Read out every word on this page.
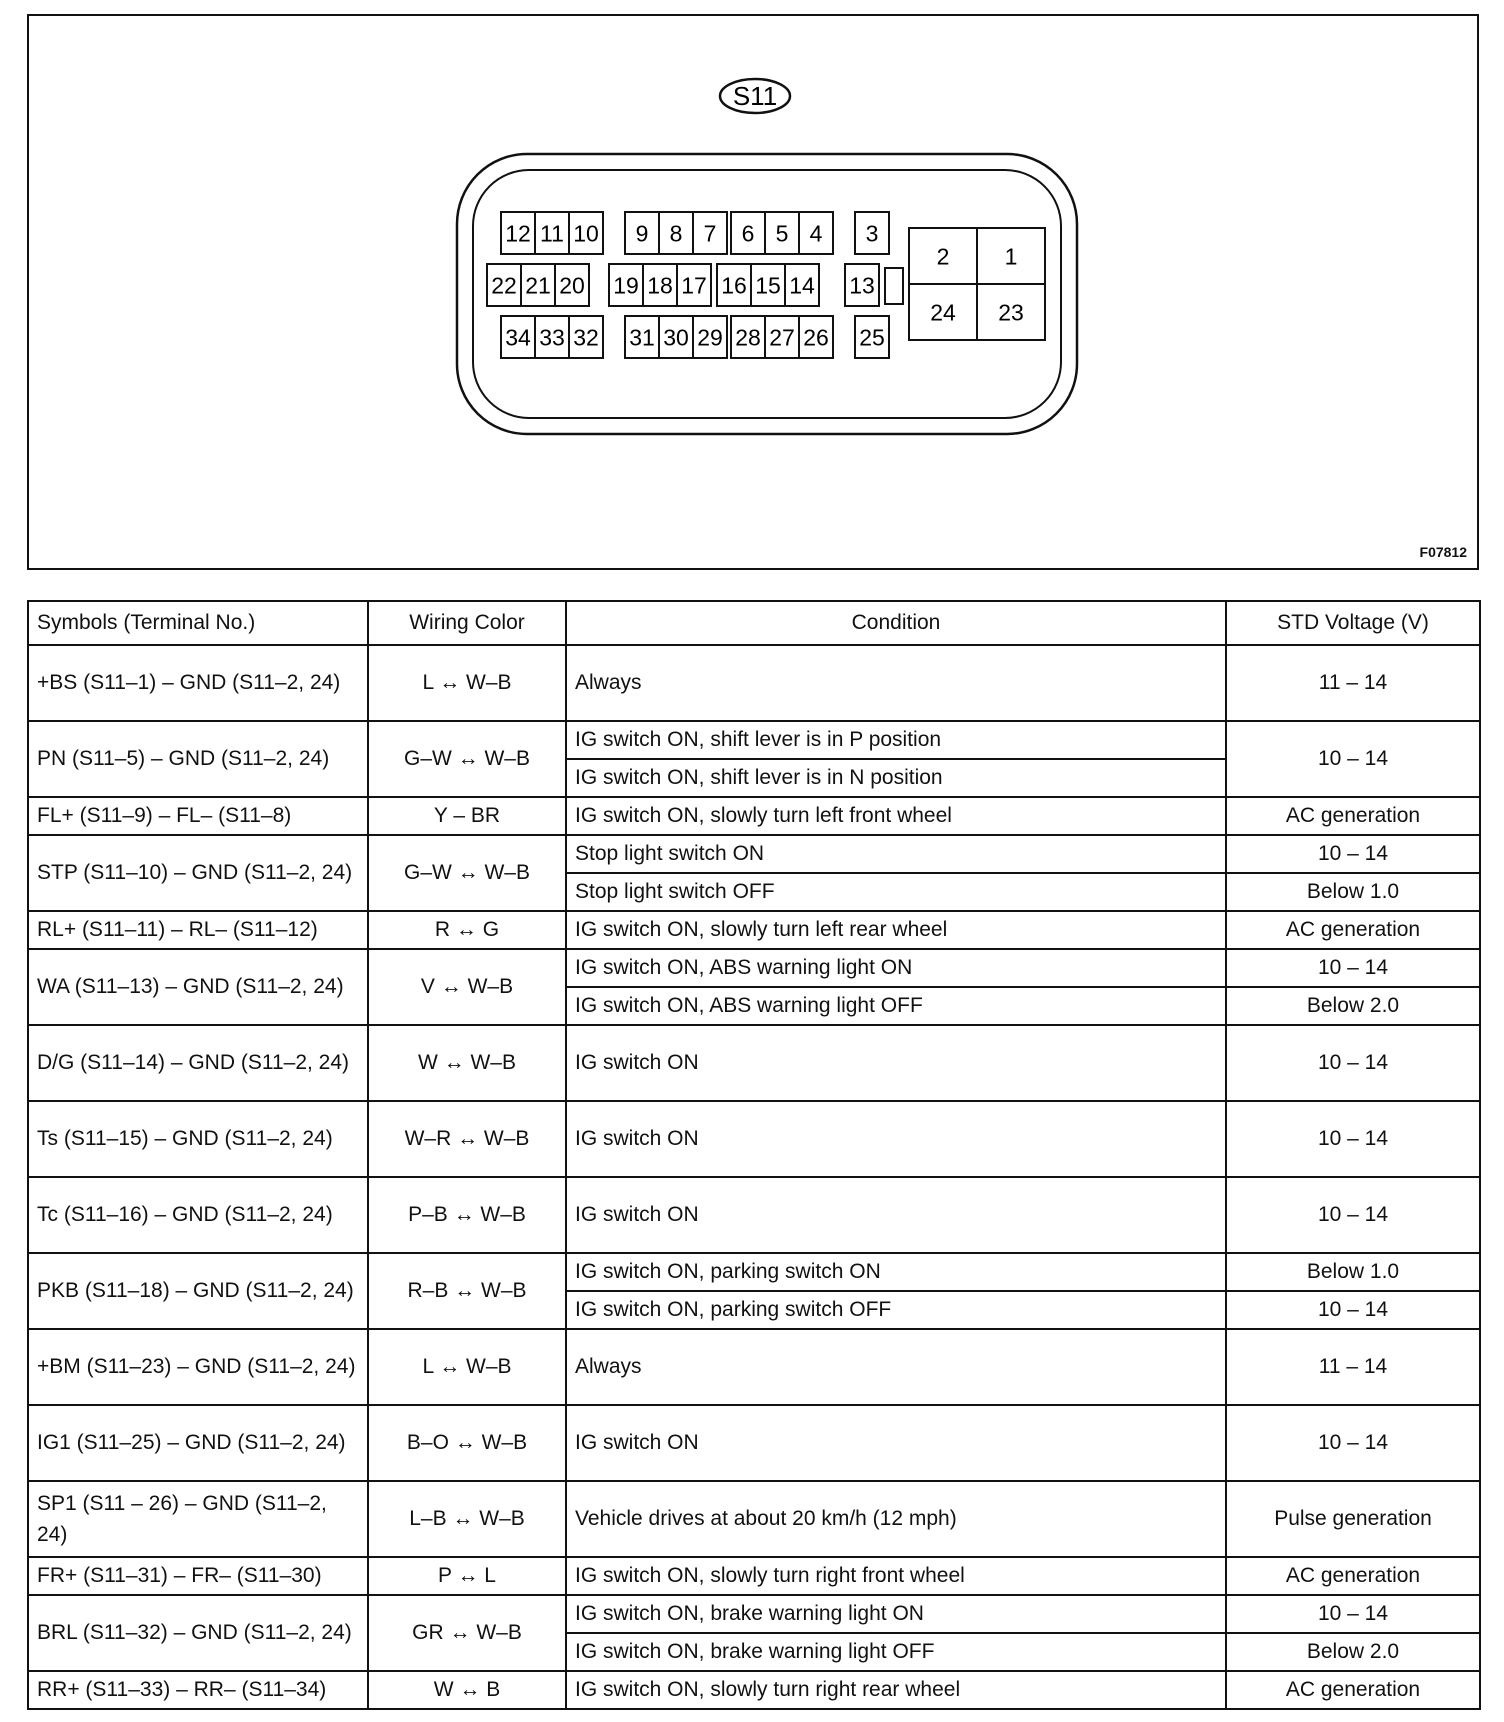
S11
12 11 10 9 8 7 6 5 4 3
22 21 20 19 18 17 16 15 14 13
34 33 32 31 30 29 28 27 26 25
2 1
24 23
F07812
Symbols (Terminal No.)	Wiring Color	Condition	STD Voltage (V)
+BS (S11–1) – GND (S11–2, 24)	L ↔ W–B	Always	11 – 14
PN (S11–5) – GND (S11–2, 24)	G–W ↔ W–B	IG switch ON, shift lever is in P position	10 – 14
		IG switch ON, shift lever is in N position	
FL+ (S11–9) – FL– (S11–8)	Y – BR	IG switch ON, slowly turn left front wheel	AC generation
STP (S11–10) – GND (S11–2, 24)	G–W ↔ W–B	Stop light switch ON	10 – 14
		Stop light switch OFF	Below 1.0
RL+ (S11–11) – RL– (S11–12)	R ↔ G	IG switch ON, slowly turn left rear wheel	AC generation
WA (S11–13) – GND (S11–2, 24)	V ↔ W–B	IG switch ON, ABS warning light ON	10 – 14
		IG switch ON, ABS warning light OFF	Below 2.0
D/G (S11–14) – GND (S11–2, 24)	W ↔ W–B	IG switch ON	10 – 14
Ts (S11–15) – GND (S11–2, 24)	W–R ↔ W–B	IG switch ON	10 – 14
Tc (S11–16) – GND (S11–2, 24)	P–B ↔ W–B	IG switch ON	10 – 14
PKB (S11–18) – GND (S11–2, 24)	R–B ↔ W–B	IG switch ON, parking switch ON	Below 1.0
		IG switch ON, parking switch OFF	10 – 14
+BM (S11–23) – GND (S11–2, 24)	L ↔ W–B	Always	11 – 14
IG1 (S11–25) – GND (S11–2, 24)	B–O ↔ W–B	IG switch ON	10 – 14
SP1 (S11 – 26) – GND (S11–2, 24)	L–B ↔ W–B	Vehicle drives at about 20 km/h (12 mph)	Pulse generation
FR+ (S11–31) – FR– (S11–30)	P ↔ L	IG switch ON, slowly turn right front wheel	AC generation
BRL (S11–32) – GND (S11–2, 24)	GR ↔ W–B	IG switch ON, brake warning light ON	10 – 14
		IG switch ON, brake warning light OFF	Below 2.0
RR+ (S11–33) – RR– (S11–34)	W ↔ B	IG switch ON, slowly turn right rear wheel	AC generation
